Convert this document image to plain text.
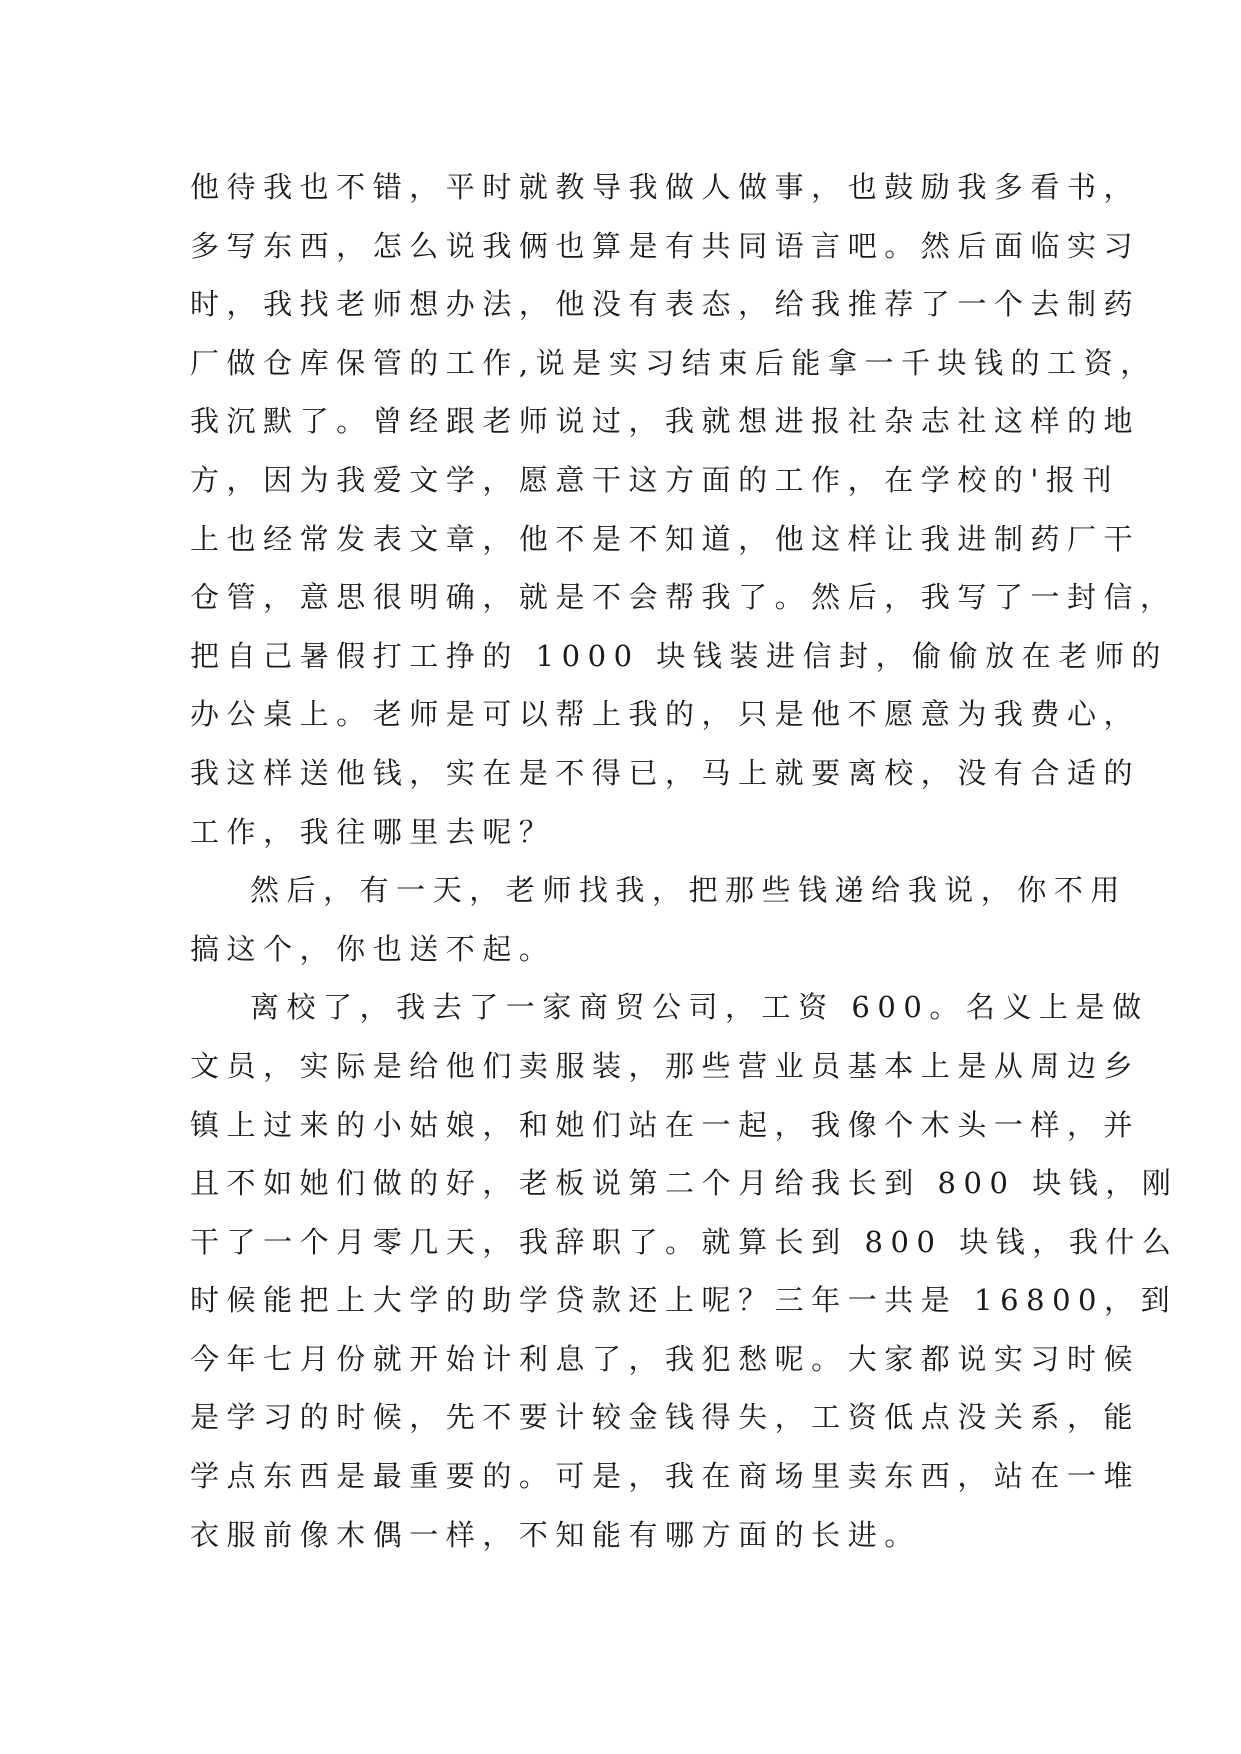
他待我也不错，平时就教导我做人做事，也鼓励我多看书，
多写东西，怎么说我俩也算是有共同语言吧。然后面临实习
时，我找老师想办法，他没有表态，给我推荐了一个去制药
厂做仓库保管的工作,说是实习结束后能拿一千块钱的工资，
我沉默了。曾经跟老师说过，我就想进报社杂志社这样的地
方，因为我爱文学，愿意干这方面的工作，在学校的'报刊
上也经常发表文章，他不是不知道，他这样让我进制药厂干
仓管，意思很明确，就是不会帮我了。然后，我写了一封信，
把自己暑假打工挣的 1000 块钱装进信封，偷偷放在老师的
办公桌上。老师是可以帮上我的，只是他不愿意为我费心，
我这样送他钱，实在是不得已，马上就要离校，没有合适的
工作，我往哪里去呢？
然后，有一天，老师找我，把那些钱递给我说，你不用
搞这个，你也送不起。
离校了，我去了一家商贸公司，工资 600。名义上是做
文员，实际是给他们卖服装，那些营业员基本上是从周边乡
镇上过来的小姑娘，和她们站在一起，我像个木头一样，并
且不如她们做的好，老板说第二个月给我长到 800 块钱，刚
干了一个月零几天，我辞职了。就算长到 800 块钱，我什么
时候能把上大学的助学贷款还上呢？三年一共是 16800，到
今年七月份就开始计利息了，我犯愁呢。大家都说实习时候
是学习的时候，先不要计较金钱得失，工资低点没关系，能
学点东西是最重要的。可是，我在商场里卖东西，站在一堆
衣服前像木偶一样，不知能有哪方面的长进。
